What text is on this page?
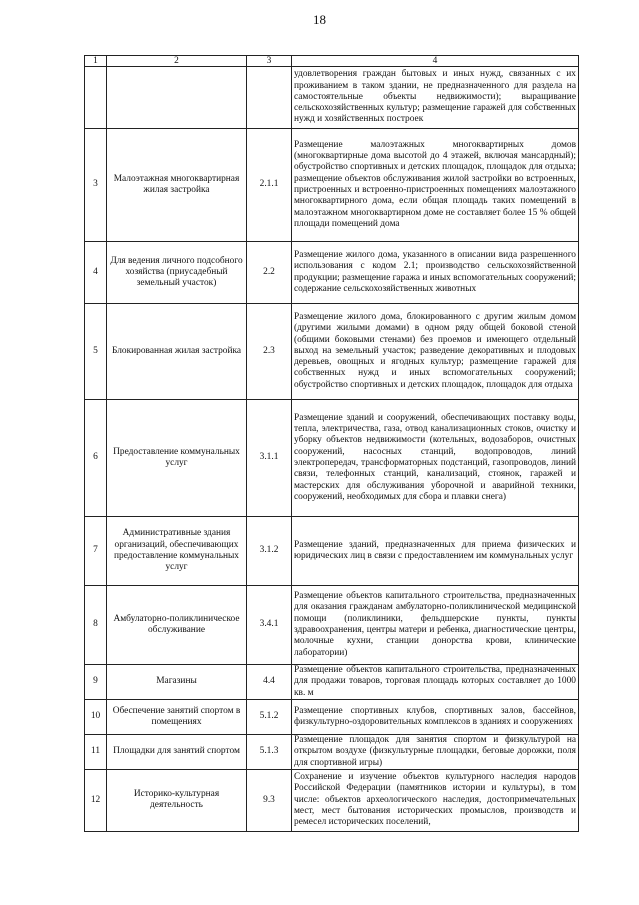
18
1	2	3	4
			удовлетворения граждан бытовых и иных нужд, связанных с их проживанием в таком здании, не предназначенного для раздела на самостоятельные объекты недвижимости); выращивание сельскохозяйственных культур; размещение гаражей для собственных нужд и хозяйственных построек
3	Малоэтажная многоквартирная жилая застройка	2.1.1	Размещение малоэтажных многоквартирных домов (многоквартирные дома высотой до 4 этажей, включая мансардный); обустройство спортивных и детских площадок, площадок для отдыха; размещение объектов обслуживания жилой застройки во встроенных, пристроенных и встроенно-пристроенных помещениях малоэтажного многоквартирного дома, если общая площадь таких помещений в малоэтажном многоквартирном доме не составляет более 15 % общей площади помещений дома
4	Для ведения личного подсобного хозяйства (приусадебный земельный участок)	2.2	Размещение жилого дома, указанного в описании вида разрешенного использования с кодом 2.1; производство сельскохозяйственной продукции; размещение гаража и иных вспомогательных сооружений; содержание сельскохозяйственных животных
5	Блокированная жилая застройка	2.3	Размещение жилого дома, блокированного с другим жилым домом (другими жилыми домами) в одном ряду общей боковой стеной (общими боковыми стенами) без проемов и имеющего отдельный выход на земельный участок; разведение декоративных и плодовых деревьев, овощных и ягодных культур; размещение гаражей для собственных нужд и иных вспомогательных сооружений; обустройство спортивных и детских площадок, площадок для отдыха
6	Предоставление коммунальных услуг	3.1.1	Размещение зданий и сооружений, обеспечивающих поставку воды, тепла, электричества, газа, отвод канализационных стоков, очистку и уборку объектов недвижимости (котельных, водозаборов, очистных сооружений, насосных станций, водопроводов, линий электропередач, трансформаторных подстанций, газопроводов, линий связи, телефонных станций, канализаций, стоянок, гаражей и мастерских для обслуживания уборочной и аварийной техники, сооружений, необходимых для сбора и плавки снега)
7	Административные здания организаций, обеспечивающих предоставление коммунальных услуг	3.1.2	Размещение зданий, предназначенных для приема физических и юридических лиц в связи с предоставлением им коммунальных услуг
8	Амбулаторно-поликлиническое обслуживание	3.4.1	Размещение объектов капитального строительства, предназначенных для оказания гражданам амбулаторно-поликлинической медицинской помощи (поликлиники, фельдшерские пункты, пункты здравоохранения, центры матери и ребенка, диагностические центры, молочные кухни, станции донорства крови, клинические лаборатории)
9	Магазины	4.4	Размещение объектов капитального строительства, предназначенных для продажи товаров, торговая площадь которых составляет до 1000 кв. м
10	Обеспечение занятий спортом в помещениях	5.1.2	Размещение спортивных клубов, спортивных залов, бассейнов, физкультурно-оздоровительных комплексов в зданиях и сооружениях
11	Площадки для занятий спортом	5.1.3	Размещение площадок для занятия спортом и физкультурой на открытом воздухе (физкультурные площадки, беговые дорожки, поля для спортивной игры)
12	Историко-культурная деятельность	9.3	Сохранение и изучение объектов культурного наследия народов Российской Федерации (памятников истории и культуры), в том числе: объектов археологического наследия, достопримечательных мест, мест бытования исторических промыслов, производств и ремесел исторических поселений,
